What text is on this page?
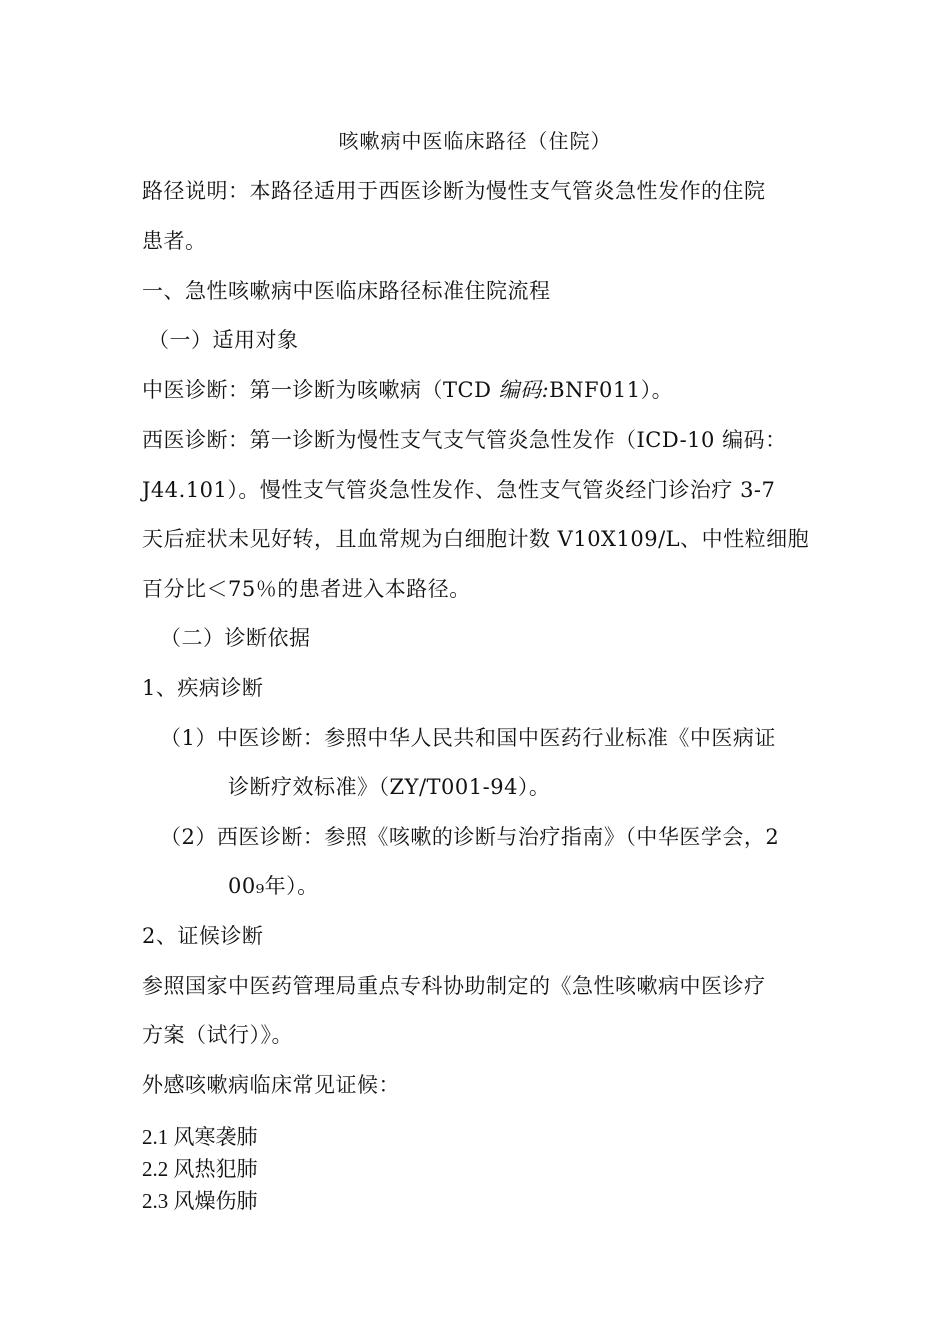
咳嗽病中医临床路径（住院）
路径说明：本路径适用于西医诊断为慢性支气管炎急性发作的住院
患者。
一、急性咳嗽病中医临床路径标准住院流程
（一）适用对象
中医诊断：第一诊断为咳嗽病（TCD 编码:BNF011）。
西医诊断：第一诊断为慢性支气支气管炎急性发作（ICD-10 编码：
J44.101）。慢性支气管炎急性发作、急性支气管炎经门诊治疗 3-7
天后症状未见好转，且血常规为白细胞计数 V10X109/L、中性粒细胞
百分比＜75％的患者进入本路径。
（二）诊断依据
1、疾病诊断
（1）中医诊断：参照中华人民共和国中医药行业标准《中医病证
诊断疗效标准》（ZY/T001-94）。
（2）西医诊断：参照《咳嗽的诊断与治疗指南》（中华医学会，2
00₉年）。
2、证候诊断
参照国家中医药管理局重点专科协助制定的《急性咳嗽病中医诊疗
方案（试行）》。
外感咳嗽病临床常见证候：
2.1 风寒袭肺
2.2 风热犯肺
2.3 风燥伤肺
